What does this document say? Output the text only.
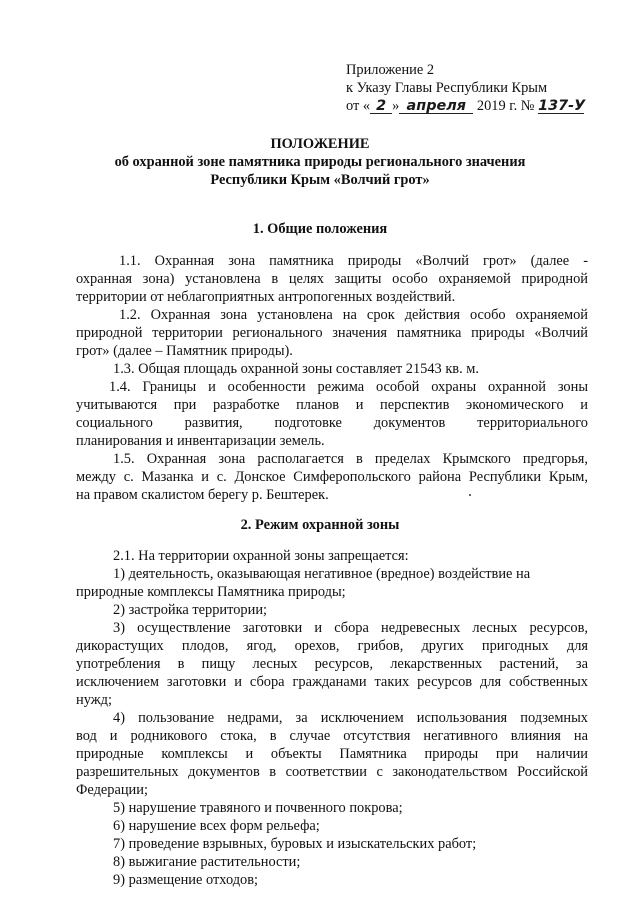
Приложение 2
к Указу Главы Республики Крым
от « 2 » апреля 2019 г. № 137-У
ПОЛОЖЕНИЕ
об охранной зоне памятника природы регионального значения
Республики Крым «Волчий грот»
1. Общие положения
1.1. Охранная зона памятника природы «Волчий грот» (далее -
охранная зона) установлена в целях защиты особо охраняемой природной
территории от неблагоприятных антропогенных воздействий.
1.2. Охранная зона установлена на срок действия особо охраняемой
природной территории регионального значения памятника природы «Волчий
грот» (далее – Памятник природы).
1.3. Общая площадь охранной зоны составляет 21543 кв. м.
1.4. Границы и особенности режима особой охраны охранной зоны
учитываются при разработке планов и перспектив экономического и
социального развития, подготовке документов территориального
планирования и инвентаризации земель.
1.5. Охранная зона располагается в пределах Крымского предгорья,
между с. Мазанка и с. Донское Симферопольского района Республики Крым,
на правом скалистом берегу р. Бештерек.
2. Режим охранной зоны
2.1. На территории охранной зоны запрещается:
1) деятельность, оказывающая негативное (вредное) воздействие на
природные комплексы Памятника природы;
2) застройка территории;
3) осуществление заготовки и сбора недревесных лесных ресурсов,
дикорастущих плодов, ягод, орехов, грибов, других пригодных для
употребления в пищу лесных ресурсов, лекарственных растений, за
исключением заготовки и сбора гражданами таких ресурсов для собственных
нужд;
4) пользование недрами, за исключением использования подземных
вод и родникового стока, в случае отсутствия негативного влияния на
природные комплексы и объекты Памятника природы при наличии
разрешительных документов в соответствии с законодательством Российской
Федерации;
5) нарушение травяного и почвенного покрова;
6) нарушение всех форм рельефа;
7) проведение взрывных, буровых и изыскательских работ;
8) выжигание растительности;
9) размещение отходов;
